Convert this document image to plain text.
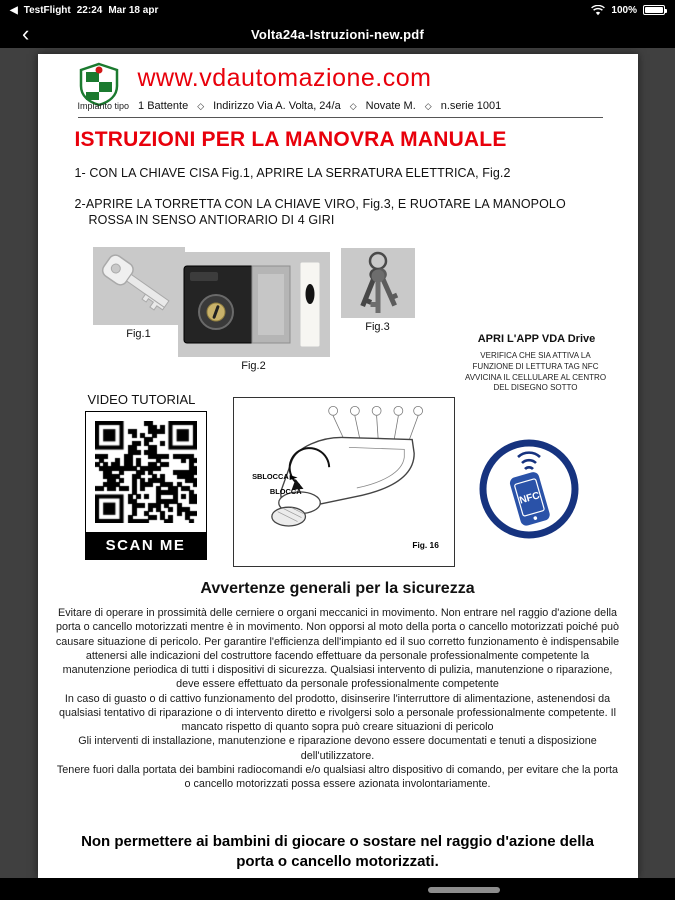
◀ TestFlight 22:24 Mar 18 apr	100%
‹	Volta24a-Istruzioni-new.pdf
www.vdautomazione.com
Impianto tipo 1 Battente ◇ Indirizzo Via A. Volta, 24/a ◇ Novate M. ◇ n.serie 1001
ISTRUZIONI PER LA MANOVRA MANUALE
1- CON LA CHIAVE CISA Fig.1, APRIRE LA SERRATURA ELETTRICA, Fig.2
2-APRIRE LA TORRETTA CON LA CHIAVE VIRO, Fig.3, E RUOTARE LA MANOPOLO ROSSA IN SENSO ANTIORARIO DI 4 GIRI
Fig.1
Fig.2
Fig.3
APRI L'APP VDA Drive
VERIFICA CHE SIA ATTIVA LA FUNZIONE DI LETTURA TAG NFC AVVICINA IL CELLULARE AL CENTRO DEL DISEGNO SOTTO
VIDEO TUTORIAL
SCAN ME
SBLOCCA
BLOCCA
Fig. 16
NFC
Avvertenze generali per la sicurezza

Evitare di operare in prossimità delle cerniere o organi meccanici in movimento. Non entrare nel raggio d'azione della porta o cancello motorizzati mentre è in movimento. Non opporsi al moto della porta o cancello motorizzati poiché può causare situazione di pericolo. Per garantire l'efficienza dell'impianto ed il suo corretto funzionamento è indispensabile attenersi alle indicazioni del costruttore facendo effettuare da personale professionalmente competente la manutenzione periodica di tutti i dispositivi di sicurezza. Qualsiasi intervento di pulizia, manutenzione o riparazione, deve essere effettuato da personale professionalmente competente

In caso di guasto o di cattivo funzionamento del prodotto, disinserire l'interruttore di alimentazione, astenendosi da qualsiasi tentativo di riparazione o di intervento diretto e rivolgersi solo a personale professionalmente competente. Il mancato rispetto di quanto sopra può creare situazioni di pericolo

Gli interventi di installazione, manutenzione e riparazione devono essere documentati e tenuti a disposizione dell'utilizzatore.

Tenere fuori dalla portata dei bambini radiocomandi e/o qualsiasi altro dispositivo di comando, per evitare che la porta o cancello motorizzati possa essere azionata involontariamente.

Non permettere ai bambini di giocare o sostare nel raggio d'azione della porta o cancello motorizzati.
